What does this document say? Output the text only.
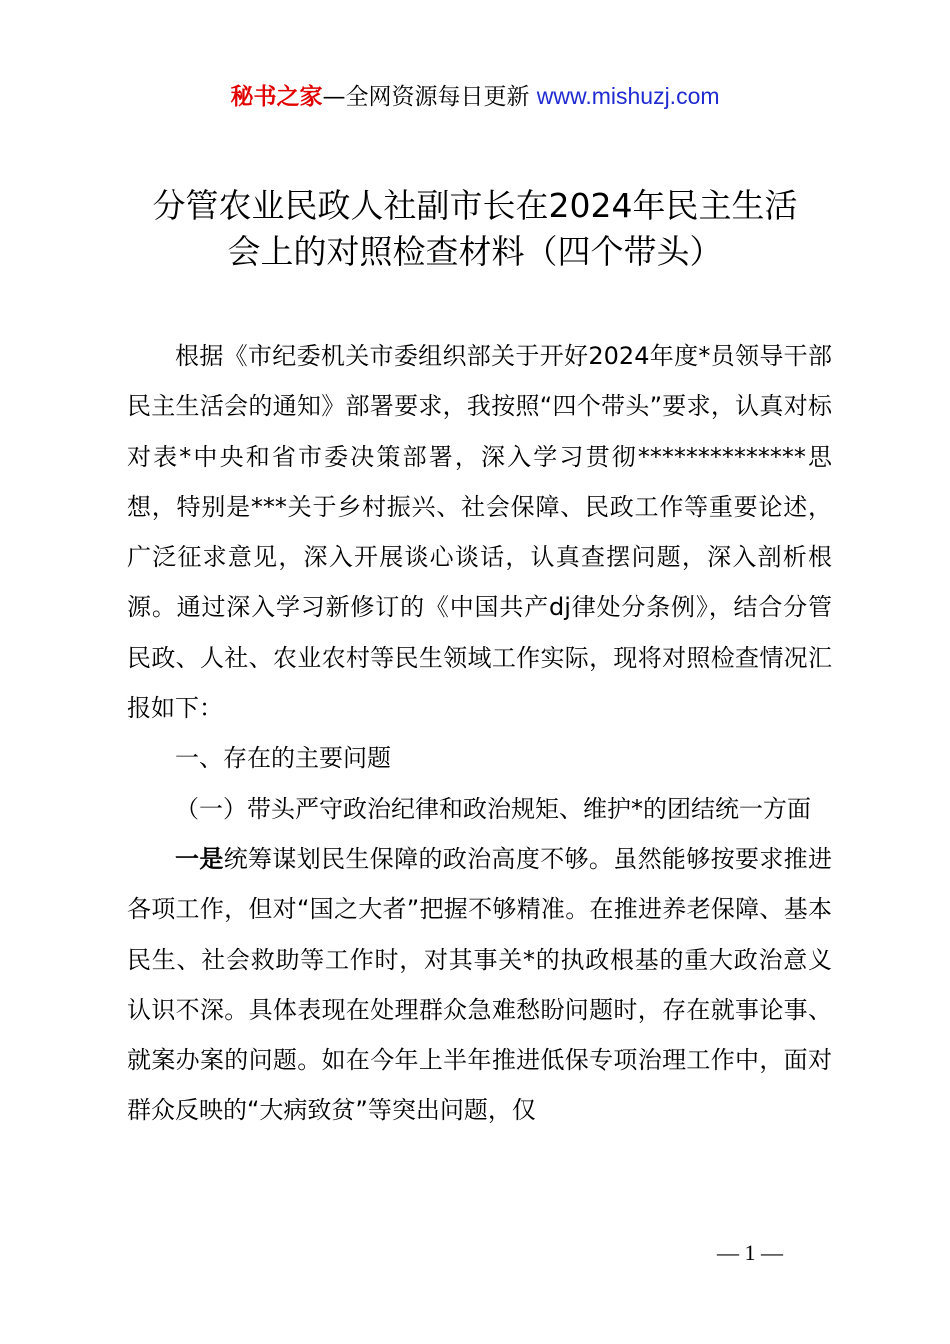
秘书之家—全网资源每日更新 www.mishuzj.com
分管农业民政人社副市长在2024年民主生活
会上的对照检查材料（四个带头）

根据《市纪委机关市委组织部关于开好2024年度*员领导干部民主生活会的通知》部署要求，我按照“四个带头”要求，认真对标对表*中央和省市委决策部署，深入学习贯彻**************思想，特别是***关于乡村振兴、社会保障、民政工作等重要论述，广泛征求意见，深入开展谈心谈话，认真查摆问题，深入剖析根源。通过深入学习新修订的《中国共产dj律处分条例》，结合分管民政、人社、农业农村等民生领域工作实际，现将对照检查情况汇报如下：

一、存在的主要问题

（一）带头严守政治纪律和政治规矩、维护*的团结统一方面

一是统筹谋划民生保障的政治高度不够。虽然能够按要求推进各项工作，但对“国之大者”把握不够精准。在推进养老保障、基本民生、社会救助等工作时，对其事关*的执政根基的重大政治意义认识不深。具体表现在处理群众急难愁盼问题时，存在就事论事、就案办案的问题。如在今年上半年推进低保专项治理工作中，面对群众反映的“大病致贫”等突出问题，仅

— 1 —
